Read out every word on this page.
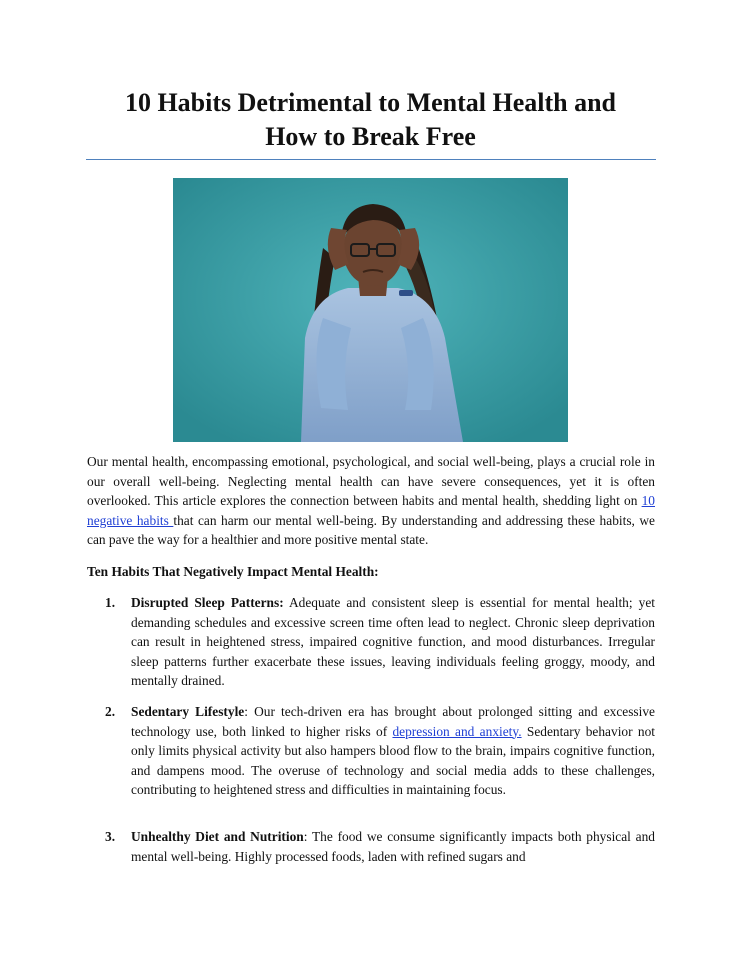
10 Habits Detrimental to Mental Health and
How to Break Free

Our mental health, encompassing emotional, psychological, and social well-being, plays a crucial role in our overall well-being. Neglecting mental health can have severe consequences, yet it is often overlooked. This article explores the connection between habits and mental health, shedding light on 10 negative habits that can harm our mental well-being. By understanding and addressing these habits, we can pave the way for a healthier and more positive mental state.

Ten Habits That Negatively Impact Mental Health:

1. Disrupted Sleep Patterns: Adequate and consistent sleep is essential for mental health; yet demanding schedules and excessive screen time often lead to neglect. Chronic sleep deprivation can result in heightened stress, impaired cognitive function, and mood disturbances. Irregular sleep patterns further exacerbate these issues, leaving individuals feeling groggy, moody, and mentally drained.

2. Sedentary Lifestyle: Our tech-driven era has brought about prolonged sitting and excessive technology use, both linked to higher risks of depression and anxiety. Sedentary behavior not only limits physical activity but also hampers blood flow to the brain, impairs cognitive function, and dampens mood. The overuse of technology and social media adds to these challenges, contributing to heightened stress and difficulties in maintaining focus.

3. Unhealthy Diet and Nutrition: The food we consume significantly impacts both physical and mental well-being. Highly processed foods, laden with refined sugars and
